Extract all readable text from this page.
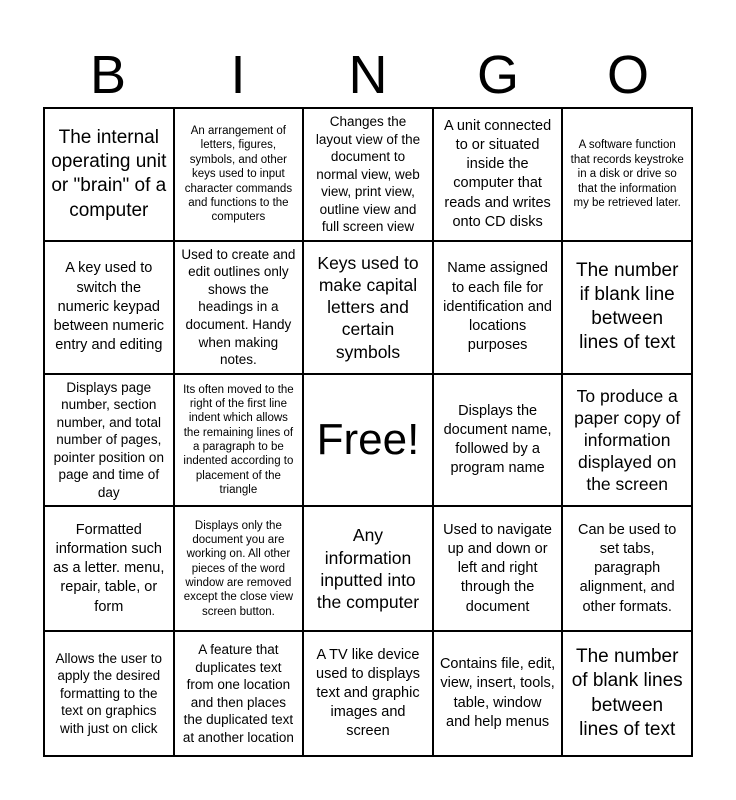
B	I	N	G	O
The internal operating unit or "brain" of a computer
An arrangement of letters, figures, symbols, and other keys used to input character commands and functions to the computers
Changes the layout view of the document to normal view, web view, print view, outline view and full screen view
A unit connected to or situated inside the computer that reads and writes onto CD disks
A software function that records keystroke in a disk or drive so that the information my be retrieved later.
A key used to switch the numeric keypad between numeric entry and editing
Used to create and edit outlines only shows the headings in a document. Handy when making notes.
Keys used to make capital letters and certain symbols
Name assigned to each file for identification and locations purposes
The number if blank line between lines of text
Displays page number, section number, and total number of pages, pointer position on page and time of day
Its often moved to the right of the first line indent which allows the remaining lines of a paragraph to be indented according to placement of the triangle
Free!
Displays the document name, followed by a program name
To produce a paper copy of information displayed on the screen
Formatted information such as a letter. menu, repair, table, or form
Displays only the document you are working on. All other pieces of the word window are removed except the close view screen button.
Any information inputted into the computer
Used to navigate up and down or left and right through the document
Can be used to set tabs, paragraph alignment, and other formats.
Allows the user to apply the desired formatting to the text on graphics with just on click
A feature that duplicates text from one location and then places the duplicated text at another location
A TV like device used to displays text and graphic images and screen
Contains file, edit, view, insert, tools, table, window and help menus
The number of blank lines between lines of text
